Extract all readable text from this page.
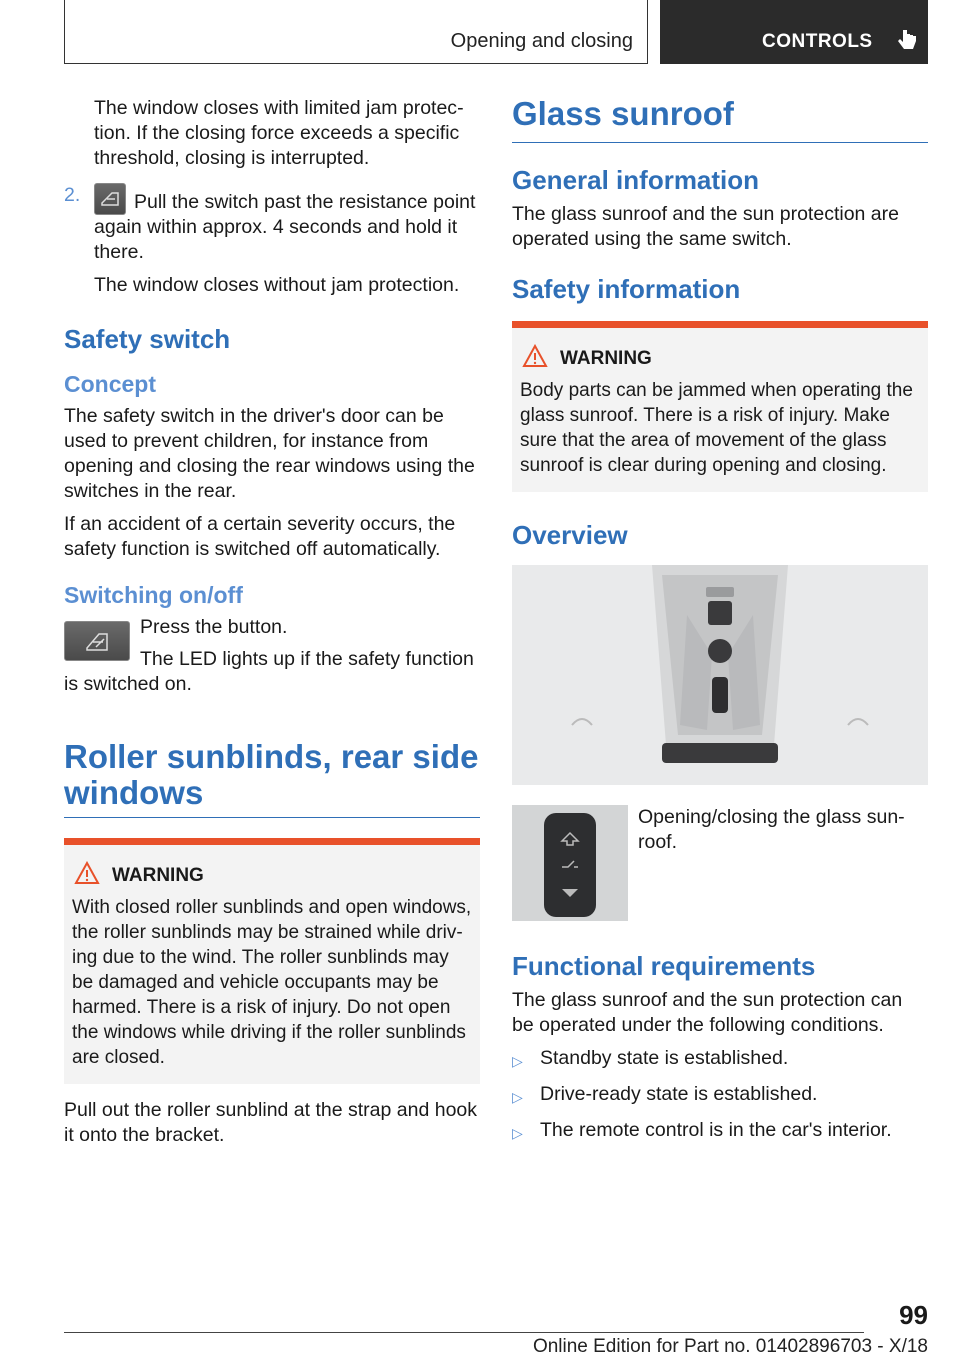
Opening and closing	CONTROLS

The window closes with limited jam protection. If the closing force exceeds a specific threshold, closing is interrupted.

2.	Pull the switch past the resistance point again within approx. 4 seconds and hold it there.

The window closes without jam protection.

Safety switch
Concept

The safety switch in the driver's door can be used to prevent children, for instance from opening and closing the rear windows using the switches in the rear.

If an accident of a certain severity occurs, the safety function is switched off automatically.

Switching on/off

Press the button.

The LED lights up if the safety function is switched on.

Roller sunblinds, rear side windows
WARNING

With closed roller sunblinds and open windows, the roller sunblinds may be strained while driving due to the wind. The roller sunblinds may be damaged and vehicle occupants may be harmed. There is a risk of injury. Do not open the windows while driving if the roller sunblinds are closed.

Pull out the roller sunblind at the strap and hook it onto the bracket.

Glass sunroof
General information

The glass sunroof and the sun protection are operated using the same switch.

Safety information
WARNING

Body parts can be jammed when operating the glass sunroof. There is a risk of injury. Make sure that the area of movement of the glass sunroof is clear during opening and closing.

Overview

Opening/closing the glass sunroof.

Functional requirements

The glass sunroof and the sun protection can be operated under the following conditions.

▷ Standby state is established.
▷ Drive-ready state is established.
▷ The remote control is in the car's interior.
99
Online Edition for Part no. 01402896703 - X/18
